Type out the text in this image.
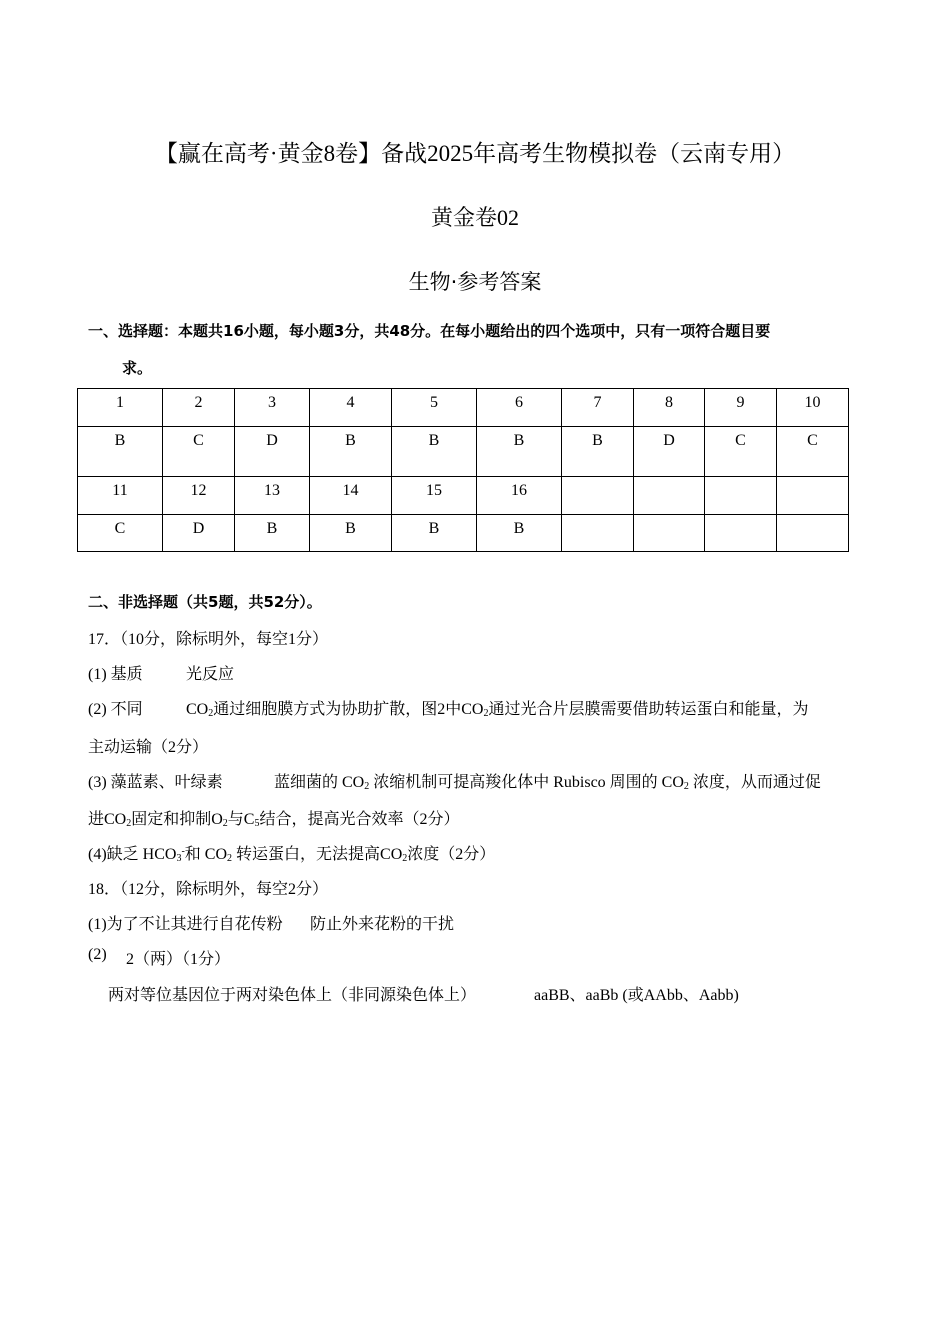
【赢在高考·黄金8卷】备战2025年高考生物模拟卷（云南专用）
黄金卷02
生物·参考答案
一、选择题：本题共16小题，每小题3分，共48分。在每小题给出的四个选项中，只有一项符合题目要
求。
1	2	3	4	5	6	7	8	9	10
B	C	D	B	B	B	B	D	C	C
11	12	13	14	15	16				
C	D	B	B	B	B				
二、非选择题（共5题，共52分）。
17．（10分，除标明外，每空1分）
(1) 基质	光反应
(2) 不同	$CO_2$通过细胞膜方式为协助扩散，图2中$CO_2$通过光合片层膜需要借助转运蛋白和能量，为
主动运输（2分）
(3) 藻蓝素、叶绿素	蓝细菌的 $CO_2$ 浓缩机制可提高羧化体中 Rubisco 周围的 $CO_2$ 浓度，从而通过促
进$CO_2$固定和抑制$O_2$与$C_5$结合，提高光合效率（2分）
(4)缺乏 $HCO_3^-$和 $CO_2$ 转运蛋白，无法提高$CO_2$浓度（2分）
18．（12分，除标明外，每空2分）
(1)为了不让其进行自花传粉 防止外来花粉的干扰
(2) 2（两）（1分）
两对等位基因位于两对染色体上（非同源染色体上）	aaBB、aaBb (或AAbb、Aabb)
